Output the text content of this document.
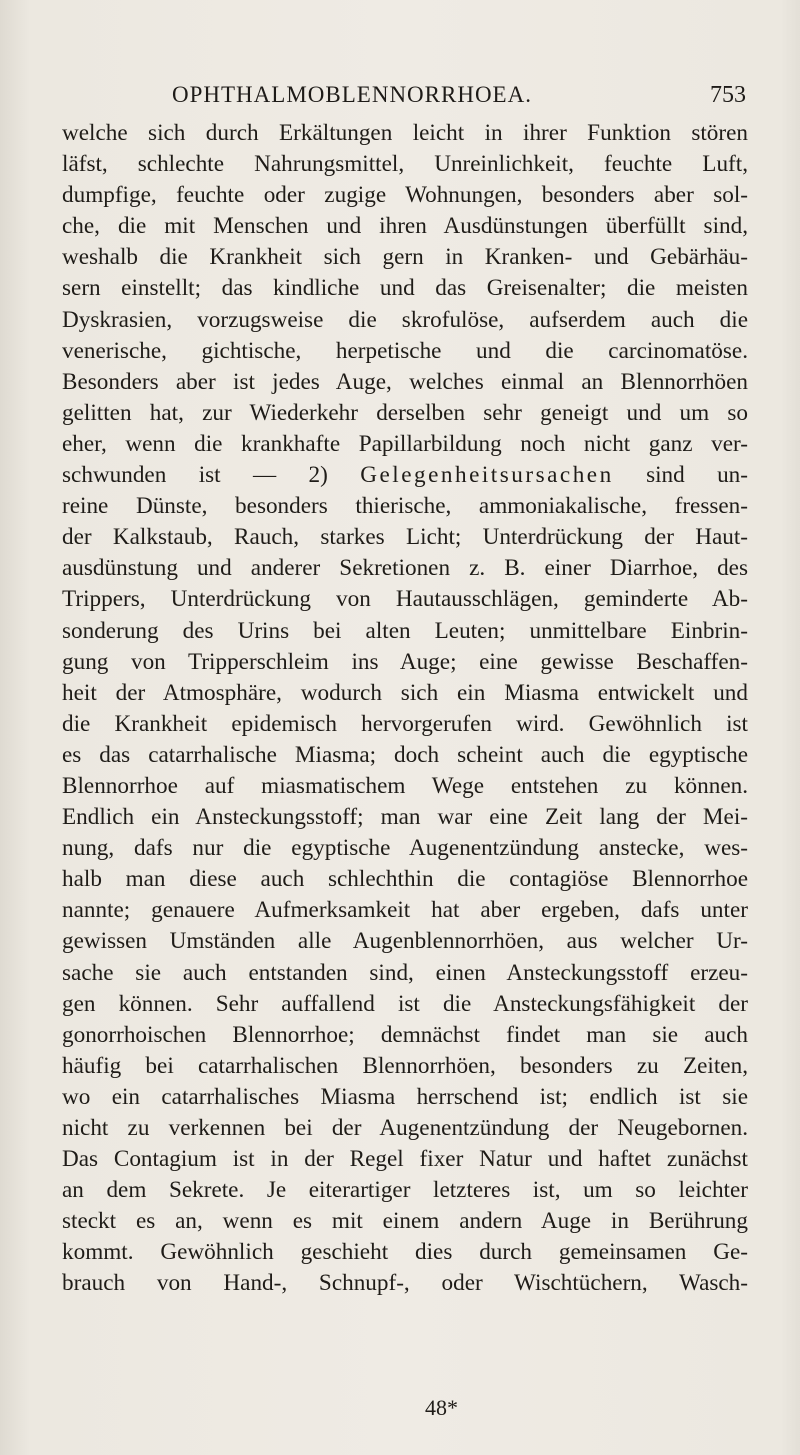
OPHTHALMOBLENNORRHOEA.	753
welche sich durch Erkältungen leicht in ihrer Funktion stören
läfst, schlechte Nahrungsmittel, Unreinlichkeit, feuchte Luft,
dumpfige, feuchte oder zugige Wohnungen, besonders aber sol-
che, die mit Menschen und ihren Ausdünstungen überfüllt sind,
weshalb die Krankheit sich gern in Kranken- und Gebärhäu-
sern einstellt; das kindliche und das Greisenalter; die meisten
Dyskrasien, vorzugsweise die skrofulöse, aufserdem auch die
venerische, gichtische, herpetische und die carcinomatöse.
Besonders aber ist jedes Auge, welches einmal an Blennorrhöen
gelitten hat, zur Wiederkehr derselben sehr geneigt und um so
eher, wenn die krankhafte Papillarbildung noch nicht ganz ver-
schwunden ist — 2) Gelegenheitsursachen sind un-
reine Dünste, besonders thierische, ammoniakalische, fressen-
der Kalkstaub, Rauch, starkes Licht; Unterdrückung der Haut-
ausdünstung und anderer Sekretionen z. B. einer Diarrhoe, des
Trippers, Unterdrückung von Hautausschlägen, geminderte Ab-
sonderung des Urins bei alten Leuten; unmittelbare Einbrin-
gung von Tripperschleim ins Auge; eine gewisse Beschaffen-
heit der Atmosphäre, wodurch sich ein Miasma entwickelt und
die Krankheit epidemisch hervorgerufen wird. Gewöhnlich ist
es das catarrhalische Miasma; doch scheint auch die egyptische
Blennorrhoe auf miasmatischem Wege entstehen zu können.
Endlich ein Ansteckungsstoff; man war eine Zeit lang der Mei-
nung, dafs nur die egyptische Augenentzündung anstecke, wes-
halb man diese auch schlechthin die contagiöse Blennorrhoe
nannte; genauere Aufmerksamkeit hat aber ergeben, dafs unter
gewissen Umständen alle Augenblennorrhöen, aus welcher Ur-
sache sie auch entstanden sind, einen Ansteckungsstoff erzeu-
gen können. Sehr auffallend ist die Ansteckungsfähigkeit der
gonorrhoischen Blennorrhoe; demnächst findet man sie auch
häufig bei catarrhalischen Blennorrhöen, besonders zu Zeiten,
wo ein catarrhalisches Miasma herrschend ist; endlich ist sie
nicht zu verkennen bei der Augenentzündung der Neugebornen.
Das Contagium ist in der Regel fixer Natur und haftet zunächst
an dem Sekrete. Je eiterartiger letzteres ist, um so leichter
steckt es an, wenn es mit einem andern Auge in Berührung
kommt. Gewöhnlich geschieht dies durch gemeinsamen Ge-
brauch von Hand-, Schnupf-, oder Wischtüchern, Wasch-
48*
